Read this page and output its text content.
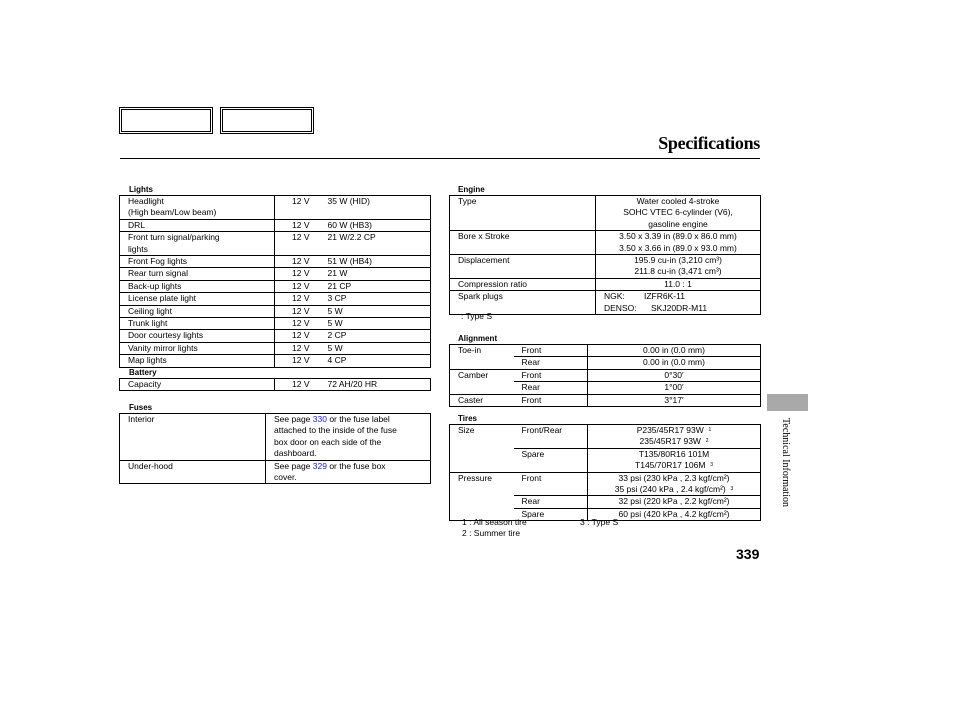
Specifications
Lights
Headlight
(High beam/Low beam)	12 V	35 W (HID)
DRL	12 V	60 W (HB3)
Front turn signal/parking
lights	12 V	21 W/2.2 CP
Front Fog lights	12 V	51 W (HB4)
Rear turn signal	12 V	21 W
Back-up lights	12 V	21 CP
License plate light	12 V	3 CP
Ceiling light	12 V	5 W
Trunk light	12 V	5 W
Door courtesy lights	12 V	2 CP
Vanity mirror lights	12 V	5 W
Map lights	12 V	4 CP
Battery
Capacity	12 V	72 AH/20 HR
Fuses
Interior	See page 330 or the fuse label attached to the inside of the fuse box door on each side of the dashboard.
Under-hood	See page 329 or the fuse box cover.
Engine
Type	Water cooled 4-stroke
SOHC VTEC 6-cylinder (V6),
gasoline engine
Bore x Stroke	3.50 x 3.39 in (89.0 x 86.0 mm)
3.50 x 3.66 in (89.0 x 93.0 mm)
Displacement	195.9 cu-in (3,210 cm³)
211.8 cu-in (3,471 cm³)
Compression ratio	11.0 : 1
Spark plugs	NGK: IZFR6K-11
DENSO: SKJ20DR-M11
: Type S
Alignment
Toe-in	Front	0.00 in (0.0 mm)
	Rear	0.00 in (0.0 mm)
Camber	Front	0°30′
	Rear	1°00′
Caster	Front	3°17′
Tires
Size	Front/Rear	P235/45R17 93W $^1$
235/45R17 93W $^2$
	Spare	T135/80R16 101M
T145/70R17 106M $^3$
Pressure	Front	33 psi (230 kPa , 2.3 kgf/cm²)
35 psi (240 kPa , 2.4 kgf/cm²) $^3$
	Rear	32 psi (220 kPa , 2.2 kgf/cm²)
	Spare	60 psi (420 kPa , 4.2 kgf/cm²)
1 : All season tire	3 : Type S
2 : Summer tire
339
Technical Information
